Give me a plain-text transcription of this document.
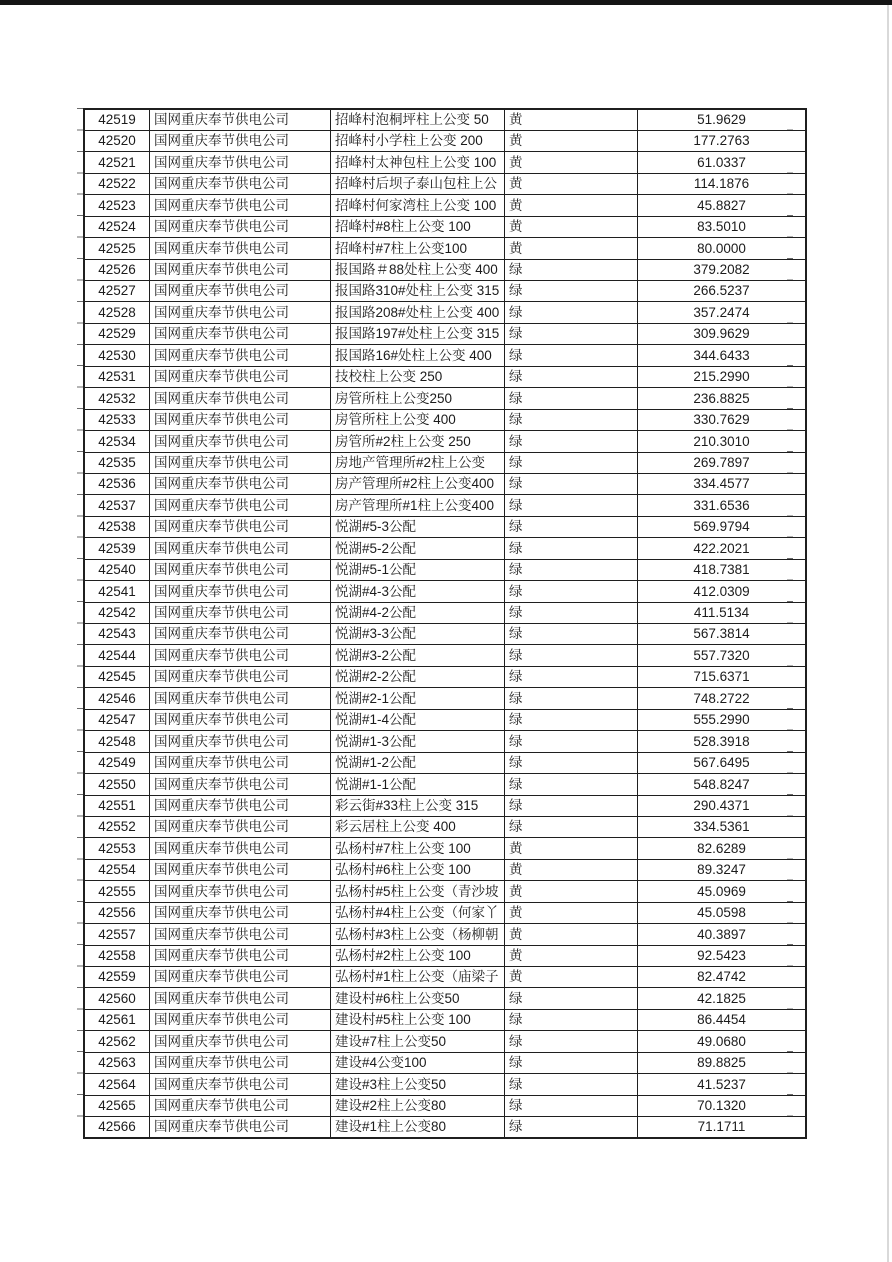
42519	国网重庆奉节供电公司	招峰村泡桐坪柱上公变 50	黄	51.9629
42520	国网重庆奉节供电公司	招峰村小学柱上公变 200	黄	177.2763
42521	国网重庆奉节供电公司	招峰村太神包柱上公变 100	黄	61.0337
42522	国网重庆奉节供电公司	招峰村后坝子泰山包柱上公	黄	114.1876
42523	国网重庆奉节供电公司	招峰村何家湾柱上公变 100	黄	45.8827
42524	国网重庆奉节供电公司	招峰村#8柱上公变 100	黄	83.5010
42525	国网重庆奉节供电公司	招峰村#7柱上公变100	黄	80.0000
42526	国网重庆奉节供电公司	报国路＃88处柱上公变 400	绿	379.2082
42527	国网重庆奉节供电公司	报国路310#处柱上公变 315	绿	266.5237
42528	国网重庆奉节供电公司	报国路208#处柱上公变 400	绿	357.2474
42529	国网重庆奉节供电公司	报国路197#处柱上公变 315	绿	309.9629
42530	国网重庆奉节供电公司	报国路16#处柱上公变 400	绿	344.6433
42531	国网重庆奉节供电公司	技校柱上公变 250	绿	215.2990
42532	国网重庆奉节供电公司	房管所柱上公变250	绿	236.8825
42533	国网重庆奉节供电公司	房管所柱上公变 400	绿	330.7629
42534	国网重庆奉节供电公司	房管所#2柱上公变 250	绿	210.3010
42535	国网重庆奉节供电公司	房地产管理所#2柱上公变	绿	269.7897
42536	国网重庆奉节供电公司	房产管理所#2柱上公变400	绿	334.4577
42537	国网重庆奉节供电公司	房产管理所#1柱上公变400	绿	331.6536
42538	国网重庆奉节供电公司	悦湖#5-3公配	绿	569.9794
42539	国网重庆奉节供电公司	悦湖#5-2公配	绿	422.2021
42540	国网重庆奉节供电公司	悦湖#5-1公配	绿	418.7381
42541	国网重庆奉节供电公司	悦湖#4-3公配	绿	412.0309
42542	国网重庆奉节供电公司	悦湖#4-2公配	绿	411.5134
42543	国网重庆奉节供电公司	悦湖#3-3公配	绿	567.3814
42544	国网重庆奉节供电公司	悦湖#3-2公配	绿	557.7320
42545	国网重庆奉节供电公司	悦湖#2-2公配	绿	715.6371
42546	国网重庆奉节供电公司	悦湖#2-1公配	绿	748.2722
42547	国网重庆奉节供电公司	悦湖#1-4公配	绿	555.2990
42548	国网重庆奉节供电公司	悦湖#1-3公配	绿	528.3918
42549	国网重庆奉节供电公司	悦湖#1-2公配	绿	567.6495
42550	国网重庆奉节供电公司	悦湖#1-1公配	绿	548.8247
42551	国网重庆奉节供电公司	彩云街#33柱上公变 315	绿	290.4371
42552	国网重庆奉节供电公司	彩云居柱上公变 400	绿	334.5361
42553	国网重庆奉节供电公司	弘杨村#7柱上公变 100	黄	82.6289
42554	国网重庆奉节供电公司	弘杨村#6柱上公变 100	黄	89.3247
42555	国网重庆奉节供电公司	弘杨村#5柱上公变（青沙坡	黄	45.0969
42556	国网重庆奉节供电公司	弘杨村#4柱上公变（何家丫	黄	45.0598
42557	国网重庆奉节供电公司	弘杨村#3柱上公变（杨柳朝	黄	40.3897
42558	国网重庆奉节供电公司	弘杨村#2柱上公变 100	黄	92.5423
42559	国网重庆奉节供电公司	弘杨村#1柱上公变（庙梁子	黄	82.4742
42560	国网重庆奉节供电公司	建设村#6柱上公变50	绿	42.1825
42561	国网重庆奉节供电公司	建设村#5柱上公变 100	绿	86.4454
42562	国网重庆奉节供电公司	建设#7柱上公变50	绿	49.0680
42563	国网重庆奉节供电公司	建设#4公变100	绿	89.8825
42564	国网重庆奉节供电公司	建设#3柱上公变50	绿	41.5237
42565	国网重庆奉节供电公司	建设#2柱上公变80	绿	70.1320
42566	国网重庆奉节供电公司	建设#1柱上公变80	绿	71.1711
